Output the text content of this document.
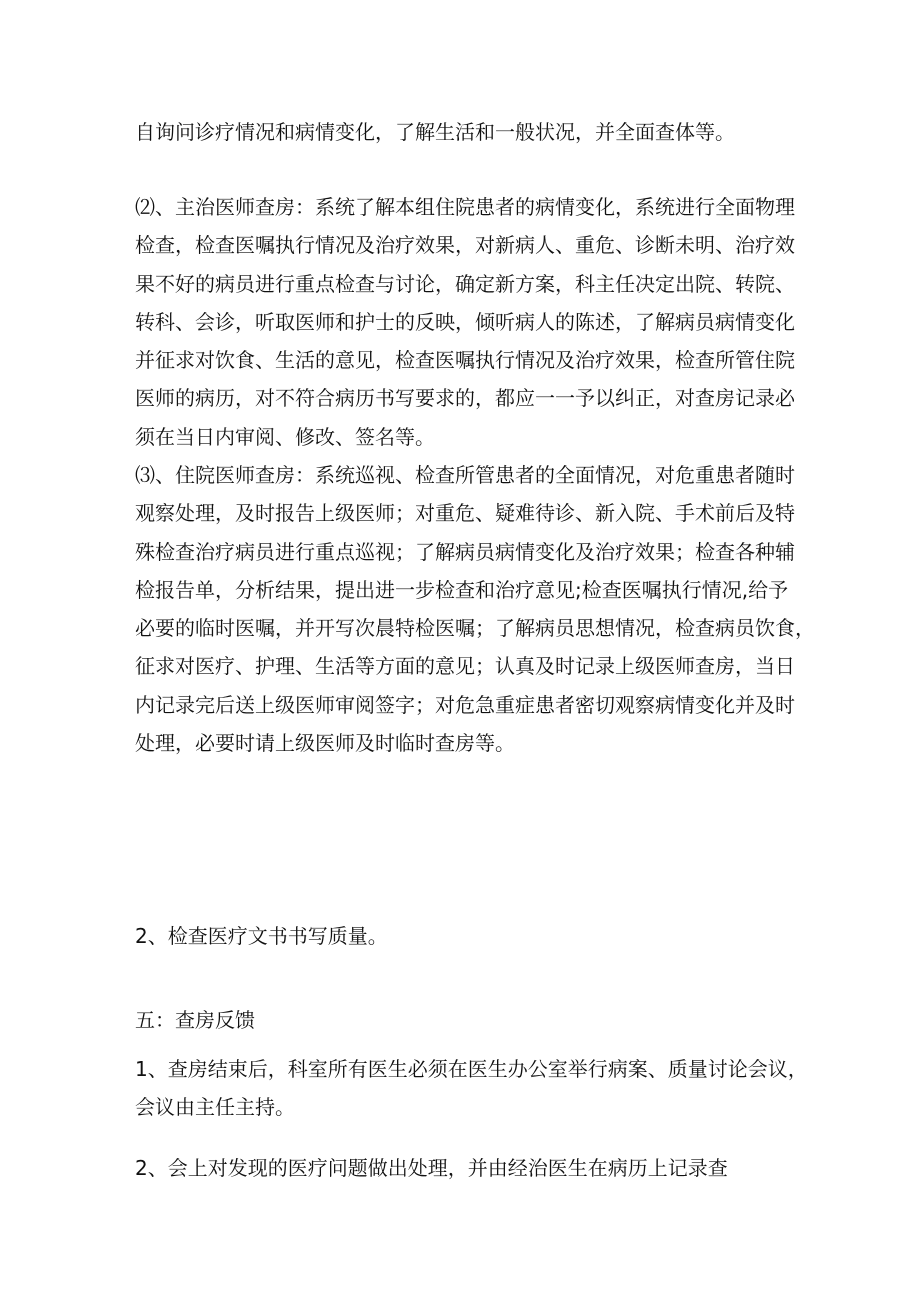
自询问诊疗情况和病情变化，了解生活和一般状况，并全面查体等。
⑵、主治医师查房：系统了解本组住院患者的病情变化，系统进行全面物理
检查，检查医嘱执行情况及治疗效果，对新病人、重危、诊断未明、治疗效
果不好的病员进行重点检查与讨论，确定新方案，科主任决定出院、转院、
转科、会诊，听取医师和护士的反映，倾听病人的陈述，了解病员病情变化
并征求对饮食、生活的意见，检查医嘱执行情况及治疗效果，检查所管住院
医师的病历，对不符合病历书写要求的，都应一一予以纠正，对查房记录必
须在当日内审阅、修改、签名等。
⑶、住院医师查房：系统巡视、检查所管患者的全面情况，对危重患者随时
观察处理，及时报告上级医师；对重危、疑难待诊、新入院、手术前后及特
殊检查治疗病员进行重点巡视；了解病员病情变化及治疗效果；检查各种辅
检报告单，分析结果，提出进一步检查和治疗意见;检查医嘱执行情况,给予
必要的临时医嘱，并开写次晨特检医嘱；了解病员思想情况，检查病员饮食，
征求对医疗、护理、生活等方面的意见；认真及时记录上级医师查房，当日
内记录完后送上级医师审阅签字；对危急重症患者密切观察病情变化并及时
处理，必要时请上级医师及时临时查房等。
2、检查医疗文书书写质量。
五：查房反馈
1、查房结束后，科室所有医生必须在医生办公室举行病案、质量讨论会议，
会议由主任主持。
2、会上对发现的医疗问题做出处理，并由经治医生在病历上记录查
